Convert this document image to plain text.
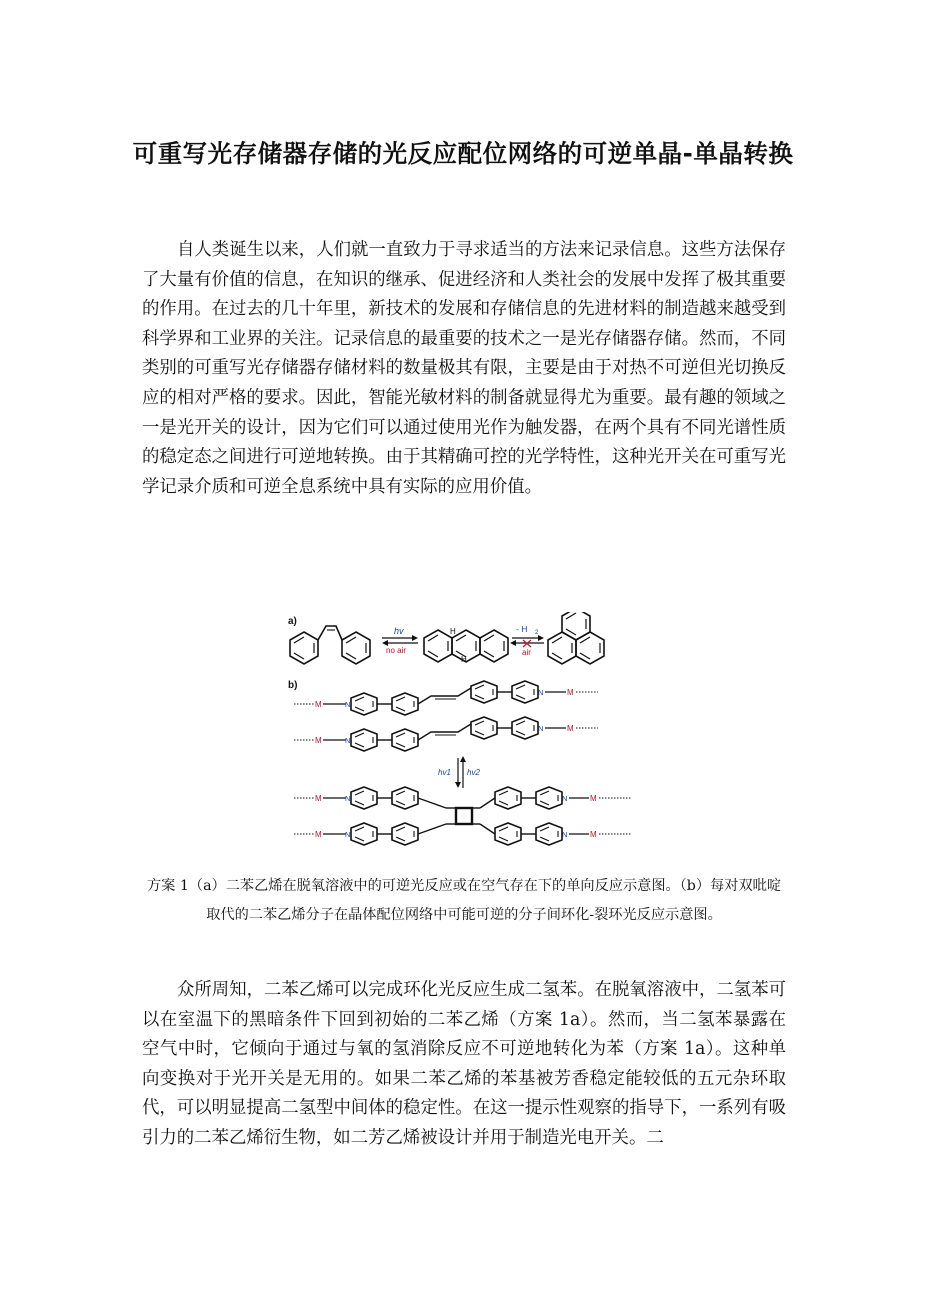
可重写光存储器存储的光反应配位网络的可逆单晶-单晶转换

自人类诞生以来，人们就一直致力于寻求适当的方法来记录信息。这些方法保存了大量有价值的信息，在知识的继承、促进经济和人类社会的发展中发挥了极其重要的作用。在过去的几十年里，新技术的发展和存储信息的先进材料的制造越来越受到科学界和工业界的关注。记录信息的最重要的技术之一是光存储器存储。然而，不同类别的可重写光存储器存储材料的数量极其有限，主要是由于对热不可逆但光切换反应的相对严格的要求。因此，智能光敏材料的制备就显得尤为重要。最有趣的领域之一是光开关的设计，因为它们可以通过使用光作为触发器，在两个具有不同光谱性质的稳定态之间进行可逆地转换。由于其精确可控的光学特性，这种光开关在可重写光学记录介质和可逆全息系统中具有实际的应用价值。

a)
hv
no air
H
H
- H 2
air
b)
M	N
N	M
M	N
N	M
hv1 hv2
M	N	N	M
M	N	N	M

方案 1（a）二苯乙烯在脱氧溶液中的可逆光反应或在空气存在下的单向反应示意图。（b）每对双吡啶取代的二苯乙烯分子在晶体配位网络中可能可逆的分子间环化-裂环光反应示意图。

众所周知，二苯乙烯可以完成环化光反应生成二氢苯。在脱氧溶液中，二氢苯可以在室温下的黑暗条件下回到初始的二苯乙烯（方案 1a）。然而，当二氢苯暴露在空气中时，它倾向于通过与氧的氢消除反应不可逆地转化为苯（方案 1a）。这种单向变换对于光开关是无用的。如果二苯乙烯的苯基被芳香稳定能较低的五元杂环取代，可以明显提高二氢型中间体的稳定性。在这一提示性观察的指导下，一系列有吸引力的二苯乙烯衍生物，如二芳乙烯被设计并用于制造光电开关。二
